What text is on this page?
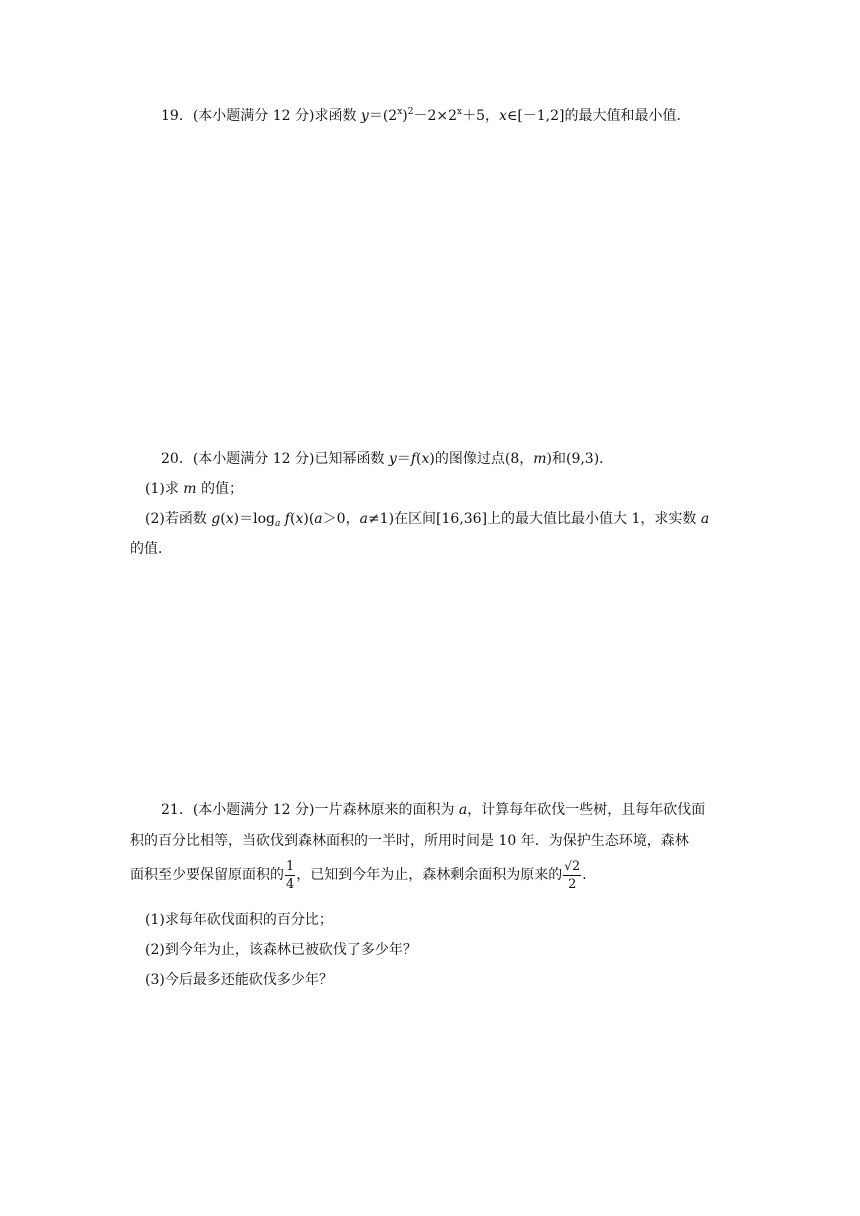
19．(本小题满分 12 分)求函数 $y=(2^x)^2-2\times 2^x+5$，x∈[－1,2]的最大值和最小值．
20．(本小题满分 12 分)已知幂函数 y＝f(x)的图像过点(8，m)和(9,3)．
(1)求 m 的值；
(2)若函数 $g(x)=\log_a$ f(x)(a＞0，a≠1)在区间[16,36]上的最大值比最小值大 1，求实数 a
的值．
21．(本小题满分 12 分)一片森林原来的面积为 a，计算每年砍伐一些树，且每年砍伐面
积的百分比相等，当砍伐到森林面积的一半时，所用时间是 10 年．为保护生态环境，森林
面积至少要保留原面积的 $\frac{1}{4}$ ，已知到今年为止，森林剩余面积为原来的 $\frac{√2}{2}$ ．
(1)求每年砍伐面积的百分比；
(2)到今年为止，该森林已被砍伐了多少年？
(3)今后最多还能砍伐多少年？
